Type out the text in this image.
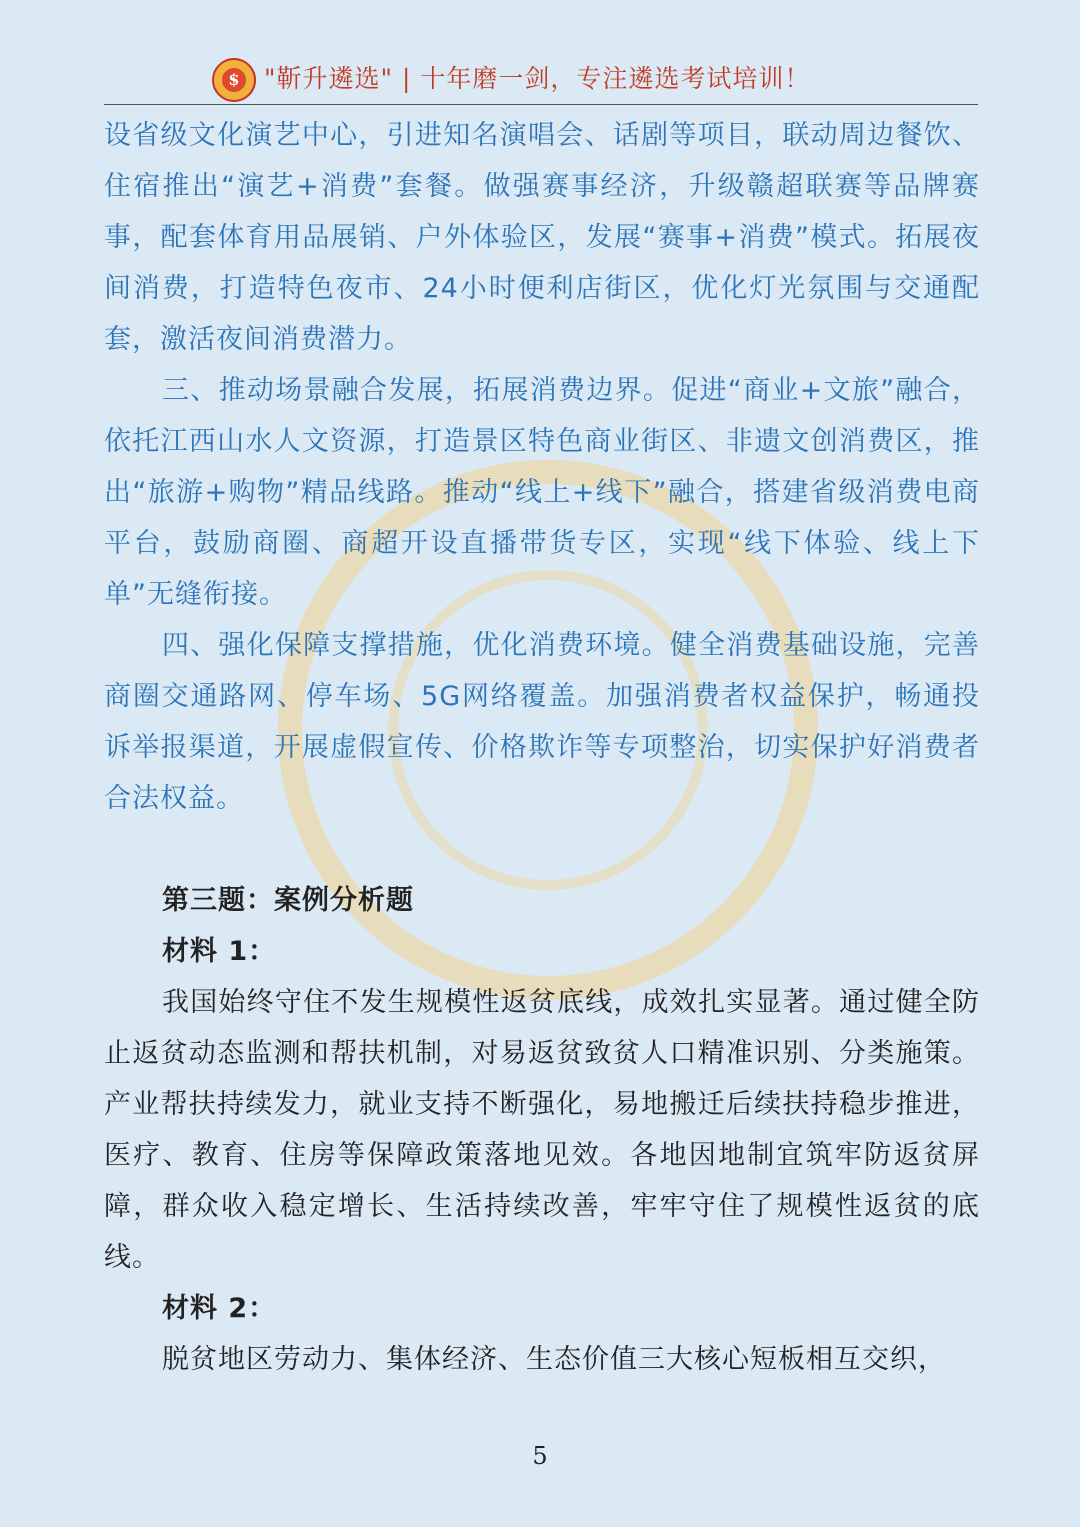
$ "靳升遴选" | 十年磨一剑，专注遴选考试培训！

设省级文化演艺中心，引进知名演唱会、话剧等项目，联动周边餐饮、住宿推出“演艺+消费”套餐。做强赛事经济，升级赣超联赛等品牌赛事，配套体育用品展销、户外体验区，发展“赛事+消费”模式。拓展夜间消费，打造特色夜市、24小时便利店街区，优化灯光氛围与交通配套，激活夜间消费潜力。

三、推动场景融合发展，拓展消费边界。促进“商业+文旅”融合，依托江西山水人文资源，打造景区特色商业街区、非遗文创消费区，推出“旅游+购物”精品线路。推动“线上+线下”融合，搭建省级消费电商平台，鼓励商圈、商超开设直播带货专区，实现“线下体验、线上下单”无缝衔接。

四、强化保障支撑措施，优化消费环境。健全消费基础设施，完善商圈交通路网、停车场、5G网络覆盖。加强消费者权益保护，畅通投诉举报渠道，开展虚假宣传、价格欺诈等专项整治，切实保护好消费者合法权益。

第三题：案例分析题

材料 1：

我国始终守住不发生规模性返贫底线，成效扎实显著。通过健全防止返贫动态监测和帮扶机制，对易返贫致贫人口精准识别、分类施策。产业帮扶持续发力，就业支持不断强化，易地搬迁后续扶持稳步推进，医疗、教育、住房等保障政策落地见效。各地因地制宜筑牢防返贫屏障，群众收入稳定增长、生活持续改善，牢牢守住了规模性返贫的底线。

材料 2：

脱贫地区劳动力、集体经济、生态价值三大核心短板相互交织，

5
